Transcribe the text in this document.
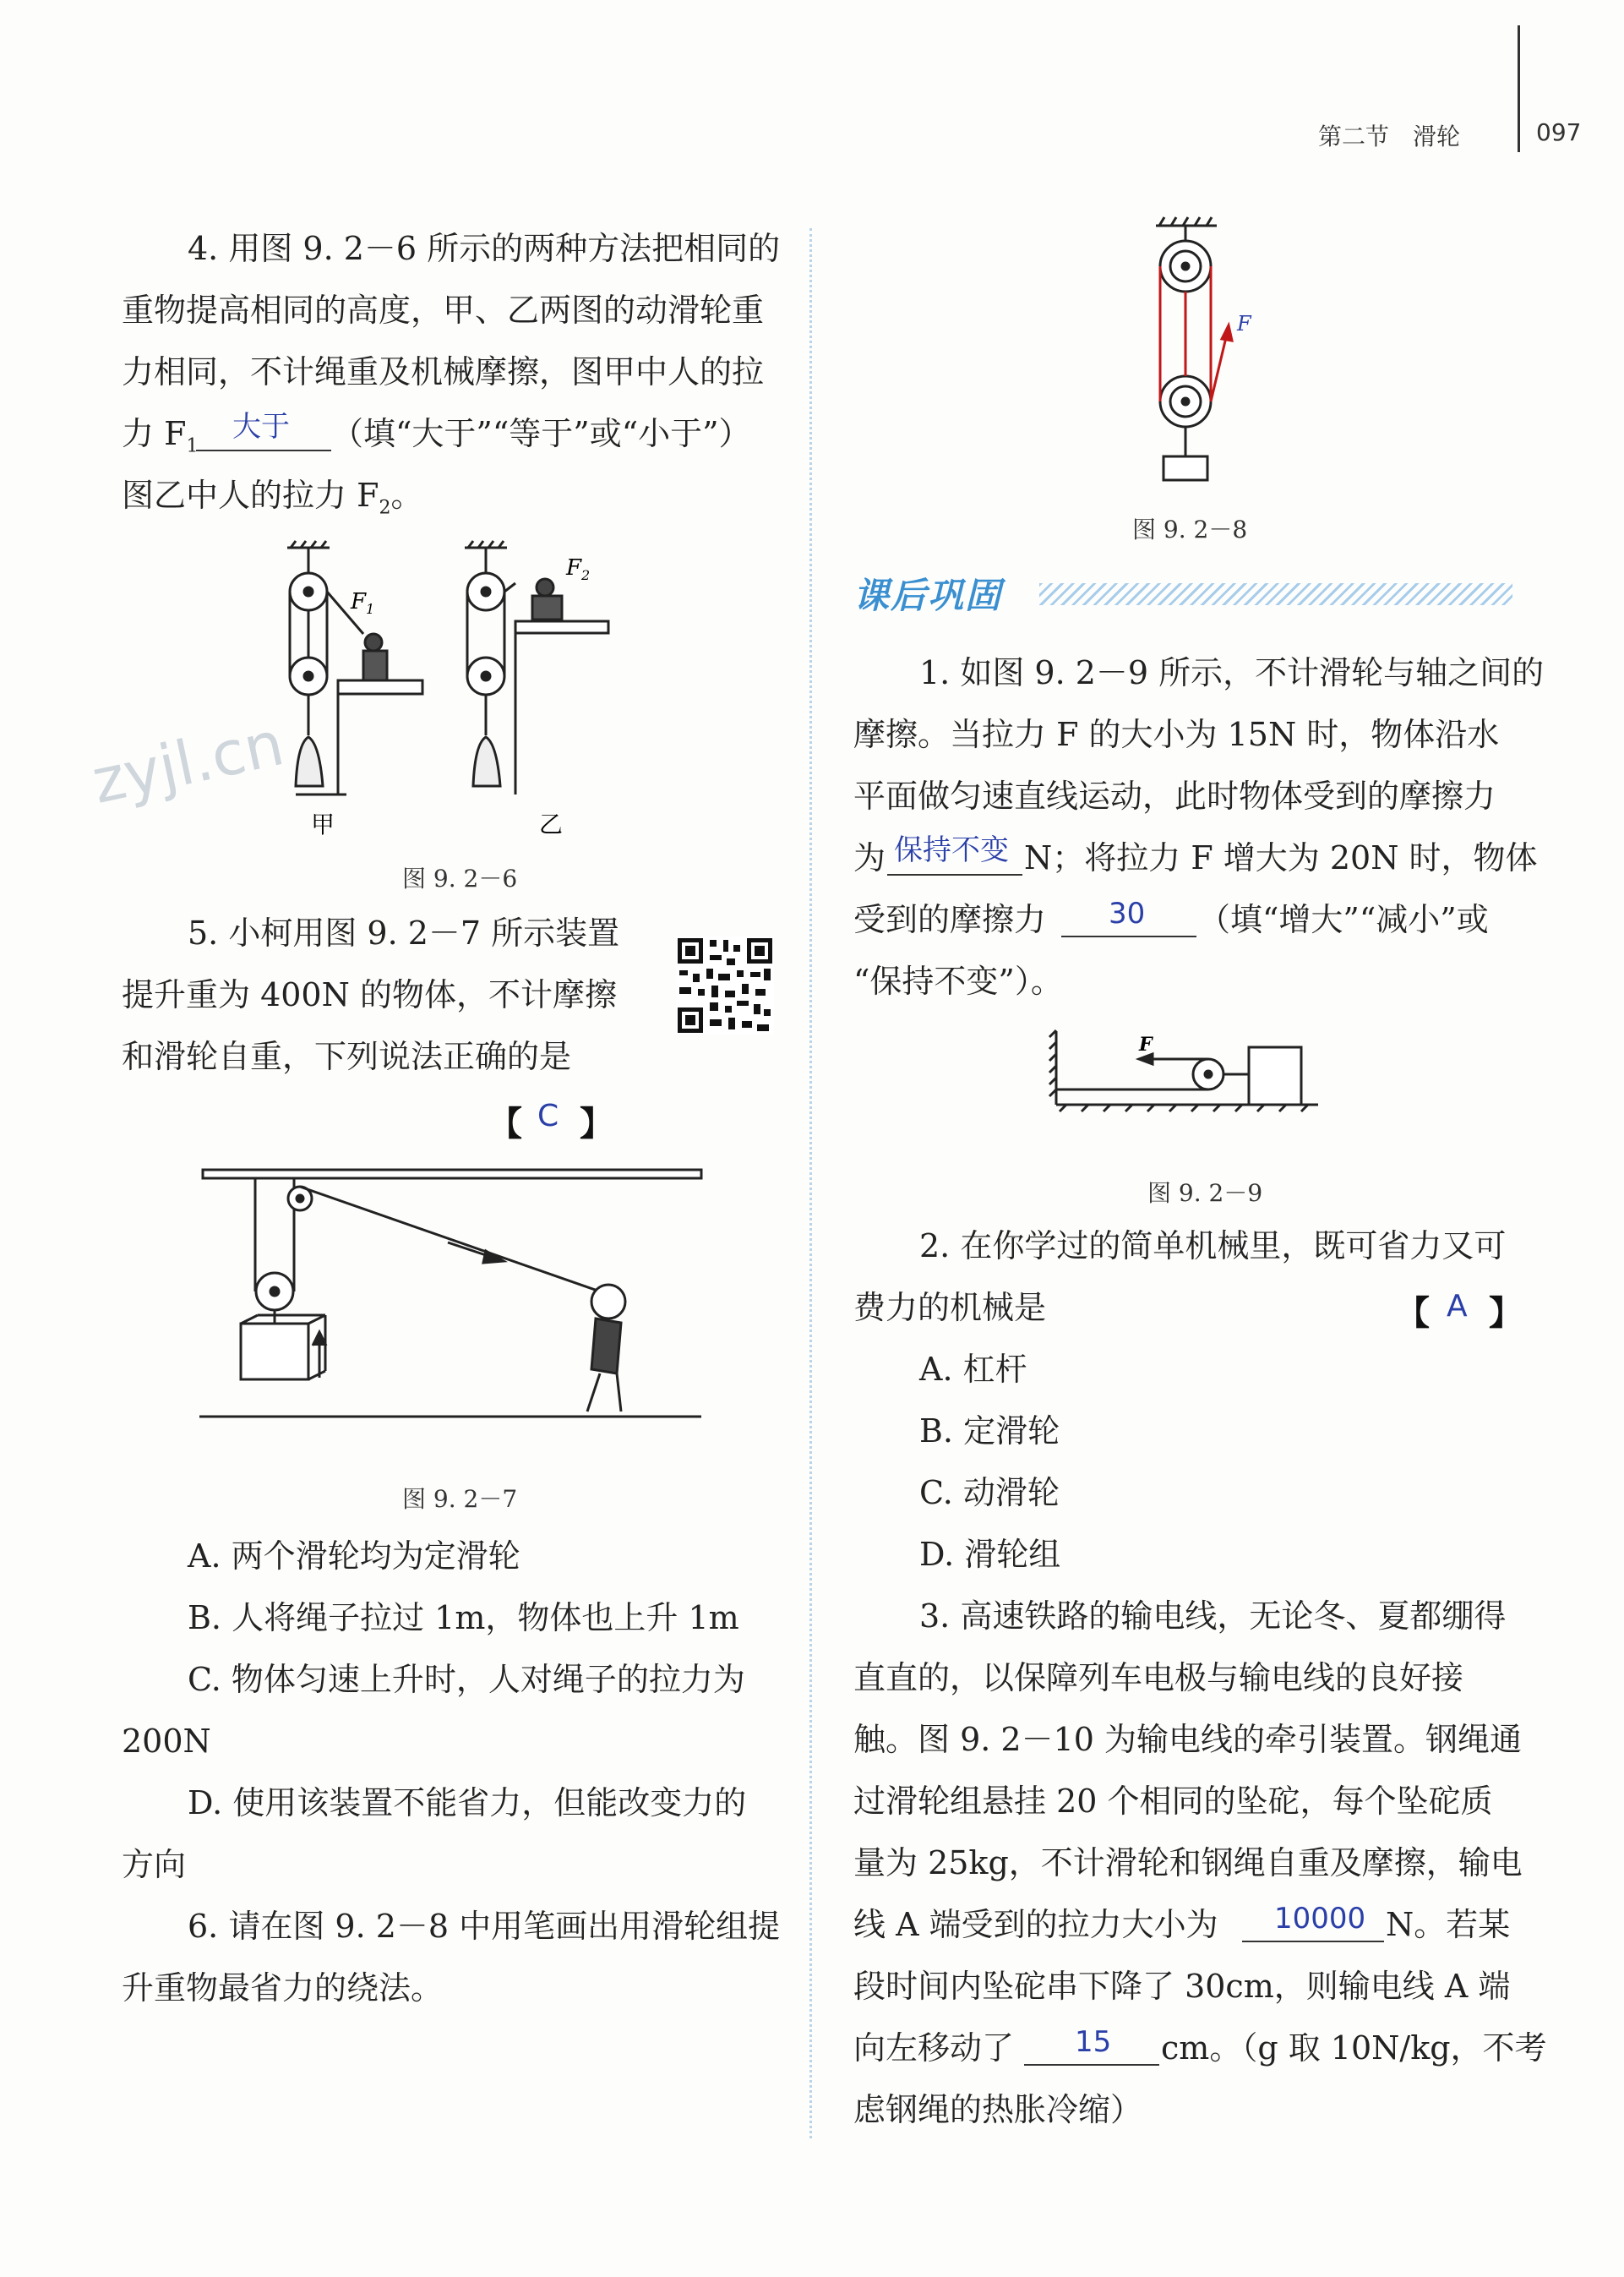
第二节　滑轮	097
4. 用图 9. 2－6 所示的两种方法把相同的
重物提高相同的高度，甲、乙两图的动滑轮重
力相同，不计绳重及机械摩擦，图甲中人的拉
力 $F_1$
大于 （填“大于”“等于”或“小于”）
图乙中人的拉力 $F_2$。
$F_1$
$F_2$
甲	乙
zyjl.cn
图 9. 2－6
5. 小柯用图 9. 2－7 所示装置
提升重为 400N 的物体，不计摩擦
和滑轮自重，下列说法正确的是
【 C 】
图 9. 2－7
A. 两个滑轮均为定滑轮
B. 人将绳子拉过 1m，物体也上升 1m
C. 物体匀速上升时，人对绳子的拉力为
200N
D. 使用该装置不能省力，但能改变力的
方向
6. 请在图 9. 2－8 中用笔画出用滑轮组提
升重物最省力的绕法。
F
图 9. 2－8
课后巩固
1. 如图 9. 2－9 所示，不计滑轮与轴之间的
摩擦。当拉力 F 的大小为 15N 时，物体沿水
平面做匀速直线运动，此时物体受到的摩擦力
为 保持不变 N；将拉力 F 增大为 20N 时，物体
受到的摩擦力 30 （填“增大”“减小”或
“保持不变”）。
F
图 9. 2－9
2. 在你学过的简单机械里，既可省力又可
费力的机械是	【 A 】
A. 杠杆
B. 定滑轮
C. 动滑轮
D. 滑轮组
3. 高速铁路的输电线，无论冬、夏都绷得
直直的，以保障列车电极与输电线的良好接
触。图 9. 2－10 为输电线的牵引装置。钢绳通
过滑轮组悬挂 20 个相同的坠砣，每个坠砣质
量为 25kg，不计滑轮和钢绳自重及摩擦，输电
线 A 端受到的拉力大小为 10000 N。若某
段时间内坠砣串下降了 30cm，则输电线 A 端
向左移动了 15 cm。（g 取 10N/kg，不考
虑钢绳的热胀冷缩）
